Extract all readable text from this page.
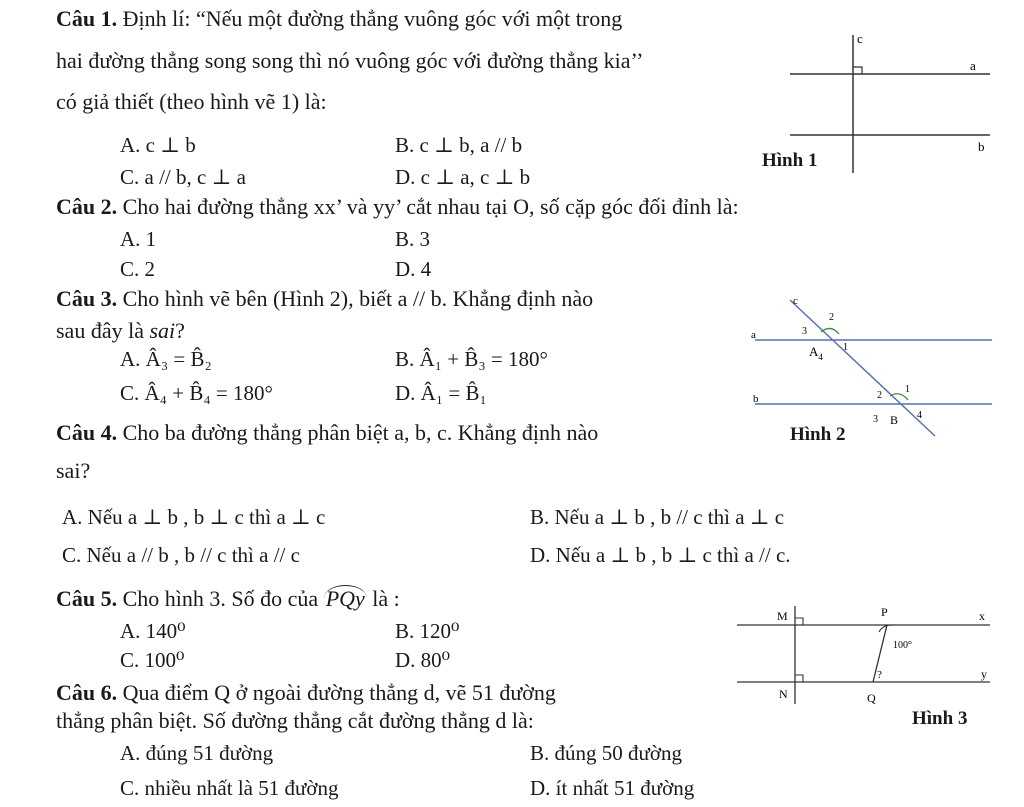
Câu 1. Định lí: “Nếu một đường thẳng vuông góc với một trong
hai đường thẳng song song thì nó vuông góc với đường thẳng kia’’
có giả thiết (theo hình vẽ 1) là:
A. c ⊥ b	B. c ⊥ b, a // b
C. a // b, c ⊥ a	D. c ⊥ a, c ⊥ b
c
a
b
Hình 1
Câu 2. Cho hai đường thẳng xx’ và yy’ cắt nhau tại O, số cặp góc đối đỉnh là:
A. 1	B. 3
C. 2	D. 4
Câu 3. Cho hình vẽ bên (Hình 2), biết a // b. Khẳng định nào
sau đây là sai?
A. Â₃ = B̂₂	B. Â₁ + B̂₃ = 180°
C. Â₄ + B̂₄ = 180°	D. Â₁ = B̂₁
c
a
b
3
2
1
$A_4$
2
1
3 B 4
Câu 4. Cho ba đường thẳng phân biệt a, b, c. Khẳng định nào	Hình 2
sai?
A. Nếu a ⊥ b , b ⊥ c thì a ⊥ c	B. Nếu a ⊥ b , b // c thì a ⊥ c
C. Nếu a // b , b // c thì a // c	D. Nếu a ⊥ b , b ⊥ c thì a // c.
Câu 5. Cho hình 3. Số đo của PQy là :
A. 140⁰	B. 120⁰
C. 100⁰	D. 80⁰
M	P	x
100°
?	y
N	Q
Câu 6. Qua điểm Q ở ngoài đường thẳng d, vẽ 51 đường
thẳng phân biệt. Số đường thẳng cắt đường thẳng d là:	Hình 3
A. đúng 51 đường	B. đúng 50 đường
C. nhiều nhất là 51 đường	D. ít nhất 51 đường
